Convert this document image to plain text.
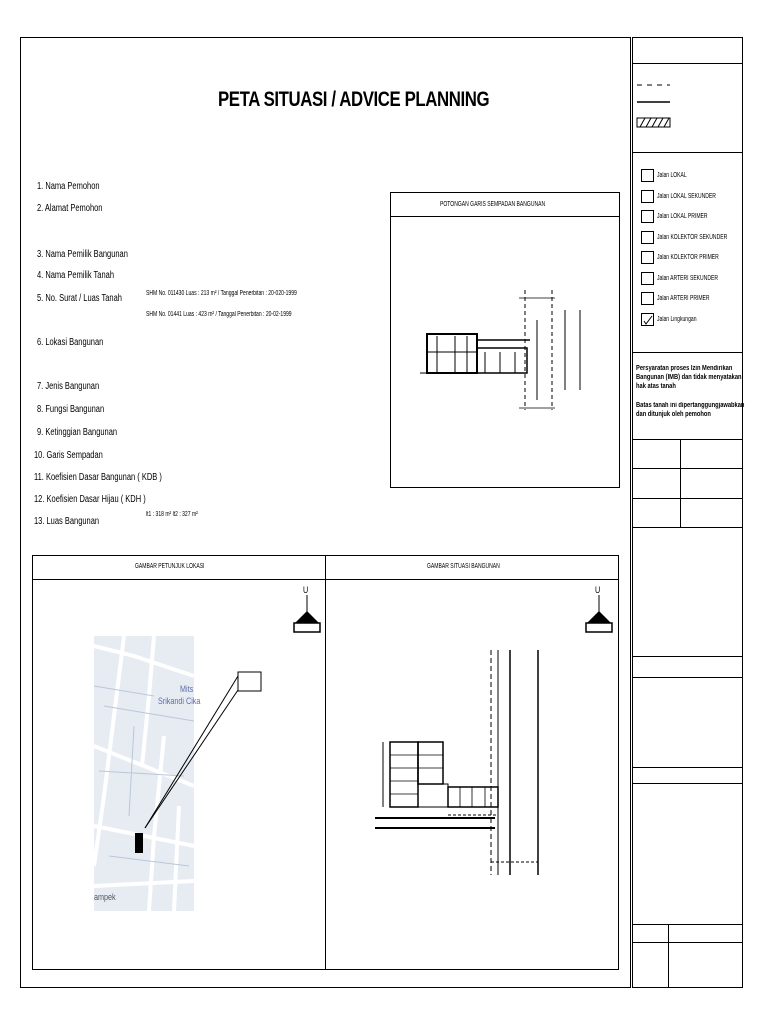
PETA SITUASI / ADVICE PLANNING
1. Nama Pemohon
2. Alamat Pemohon
3. Nama Pemilik Bangunan
4. Nama Pemilik Tanah
5. No. Surat / Luas Tanah
6. Lokasi Bangunan
7. Jenis Bangunan
8. Fungsi Bangunan
9. Ketinggian Bangunan
10. Garis Sempadan
11. Koefisien Dasar Bangunan ( KDB )
12. Koefisien Dasar Hijau ( KDH )
13. Luas Bangunan
SHM No. 011430 Luas : 213 m² / Tanggal Penerbitan : 20-020-1999
SHM No. 01441 Luas : 423 m² / Tanggal Penerbitan : 20-02-1999
lt1 : 318 m² lt2 : 327 m²
POTONGAN GARIS SEMPADAN BANGUNAN
GAMBAR PETUNJUK LOKASI	GAMBAR SITUASI BANGUNAN
U	U
Mits
Srikandi Cika
ampek
Jalan LOKAL
Jalan LOKAL SEKUNDER
Jalan LOKAL PRIMER
Jalan KOLEKTOR SEKUNDER
Jalan KOLEKTOR PRIMER
Jalan ARTERI SEKUNDER
Jalan ARTERI PRIMER
Jalan Lingkungan
Persyaratan proses Izin Mendirikan Bangunan (IMB) dan tidak menyatakan hak atas tanah
Batas tanah ini dipertanggungjawabkan dan ditunjuk oleh pemohon
